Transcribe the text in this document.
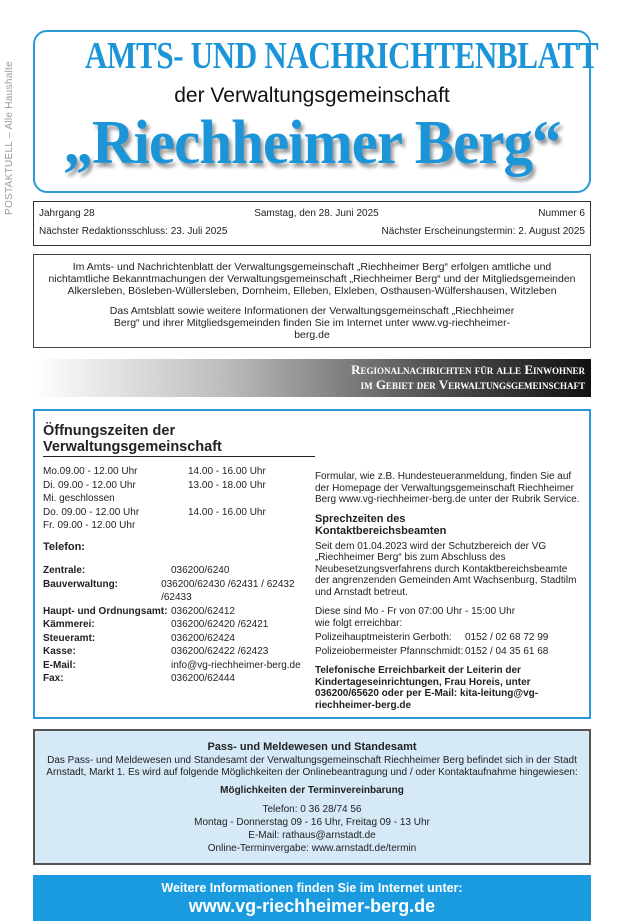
POSTAKTUELL – Alle Haushalte
AMTS- UND NACHRICHTENBLATT
der Verwaltungsgemeinschaft
„Riechheimer Berg“
Jahrgang 28	Samstag, den 28. Juni 2025	Nummer 6
Nächster Redaktionsschluss: 23. Juli 2025	Nächster Erscheinungstermin: 2. August 2025

Im Amts- und Nachrichtenblatt der Verwaltungsgemeinschaft „Riechheimer Berg“ erfolgen amtliche und nichtamtliche Bekanntmachungen der Verwaltungsgemeinschaft „Riechheimer Berg“ und der Mitgliedsgemeinden Alkersleben, Bösleben-Wüllersleben, Dornheim, Elleben, Elxleben, Osthausen-Wülfershausen, Witzleben

Das Amtsblatt sowie weitere Informationen der Verwaltungsgemeinschaft „Riechheimer Berg“ und ihrer Mitgliedsgemeinden finden Sie im Internet unter www.vg-riechheimer-berg.de

Regionalnachrichten für alle Einwohner
im Gebiet der Verwaltungsgemeinschaft
Öffnungszeiten der Verwaltungsgemeinschaft
Mo.09.00 - 12.00 Uhr	14.00 - 16.00 Uhr
Di. 09.00 - 12.00 Uhr	13.00 - 18.00 Uhr
Mi. geschlossen
Do. 09.00 - 12.00 Uhr	14.00 - 16.00 Uhr
Fr. 09.00 - 12.00 Uhr
Telefon:
Zentrale:	036200/6240
Bauverwaltung:	036200/62430 /62431 / 62432 /62433
Haupt- und Ordnungsamt: 036200/62412
Kämmerei:	036200/62420 /62421
Steueramt:	036200/62424
Kasse:	036200/62422 /62423
E-Mail:	info@vg-riechheimer-berg.de
Fax:	036200/62444

Formular, wie z.B. Hundesteueranmeldung, finden Sie auf der Homepage der Verwaltungsgemeinschaft Riechheimer Berg www.vg-riechheimer-berg.de unter der Rubrik Service.

Sprechzeiten des Kontaktbereichsbeamten

Seit dem 01.04.2023 wird der Schutzbereich der VG „Riechheimer Berg“ bis zum Abschluss des Neubesetzungsverfahrens durch Kontaktbereichsbeamte der angrenzenden Gemeinden Amt Wachsenburg, Stadtilm und Arnstadt betreut.

Diese sind Mo - Fr von 07:00 Uhr - 15:00 Uhr wie folgt erreichbar:

Polizeihauptmeisterin Gerboth:	0152 / 02 68 72 99
Polizeiobermeister Pfannschmidt: 0152 / 04 35 61 68

Telefonische Erreichbarkeit der Leiterin der Kindertageseinrichtungen, Frau Horeis, unter 036200/65620 oder per E-Mail: kita-leitung@vg-riechheimer-berg.de

Pass- und Meldewesen und Standesamt

Das Pass- und Meldewesen und Standesamt der Verwaltungsgemeinschaft Riechheimer Berg befindet sich in der Stadt Arnstadt, Markt 1. Es wird auf folgende Möglichkeiten der Onlinebeantragung und / oder Kontaktaufnahme hingewiesen:

Möglichkeiten der Terminvereinbarung
Telefon: 0 36 28/74 56
Montag - Donnerstag 09 - 16 Uhr, Freitag 09 - 13 Uhr
E-Mail: rathaus@arnstadt.de
Online-Terminvergabe: www.arnstadt.de/termin
Weitere Informationen finden Sie im Internet unter:
www.vg-riechheimer-berg.de
